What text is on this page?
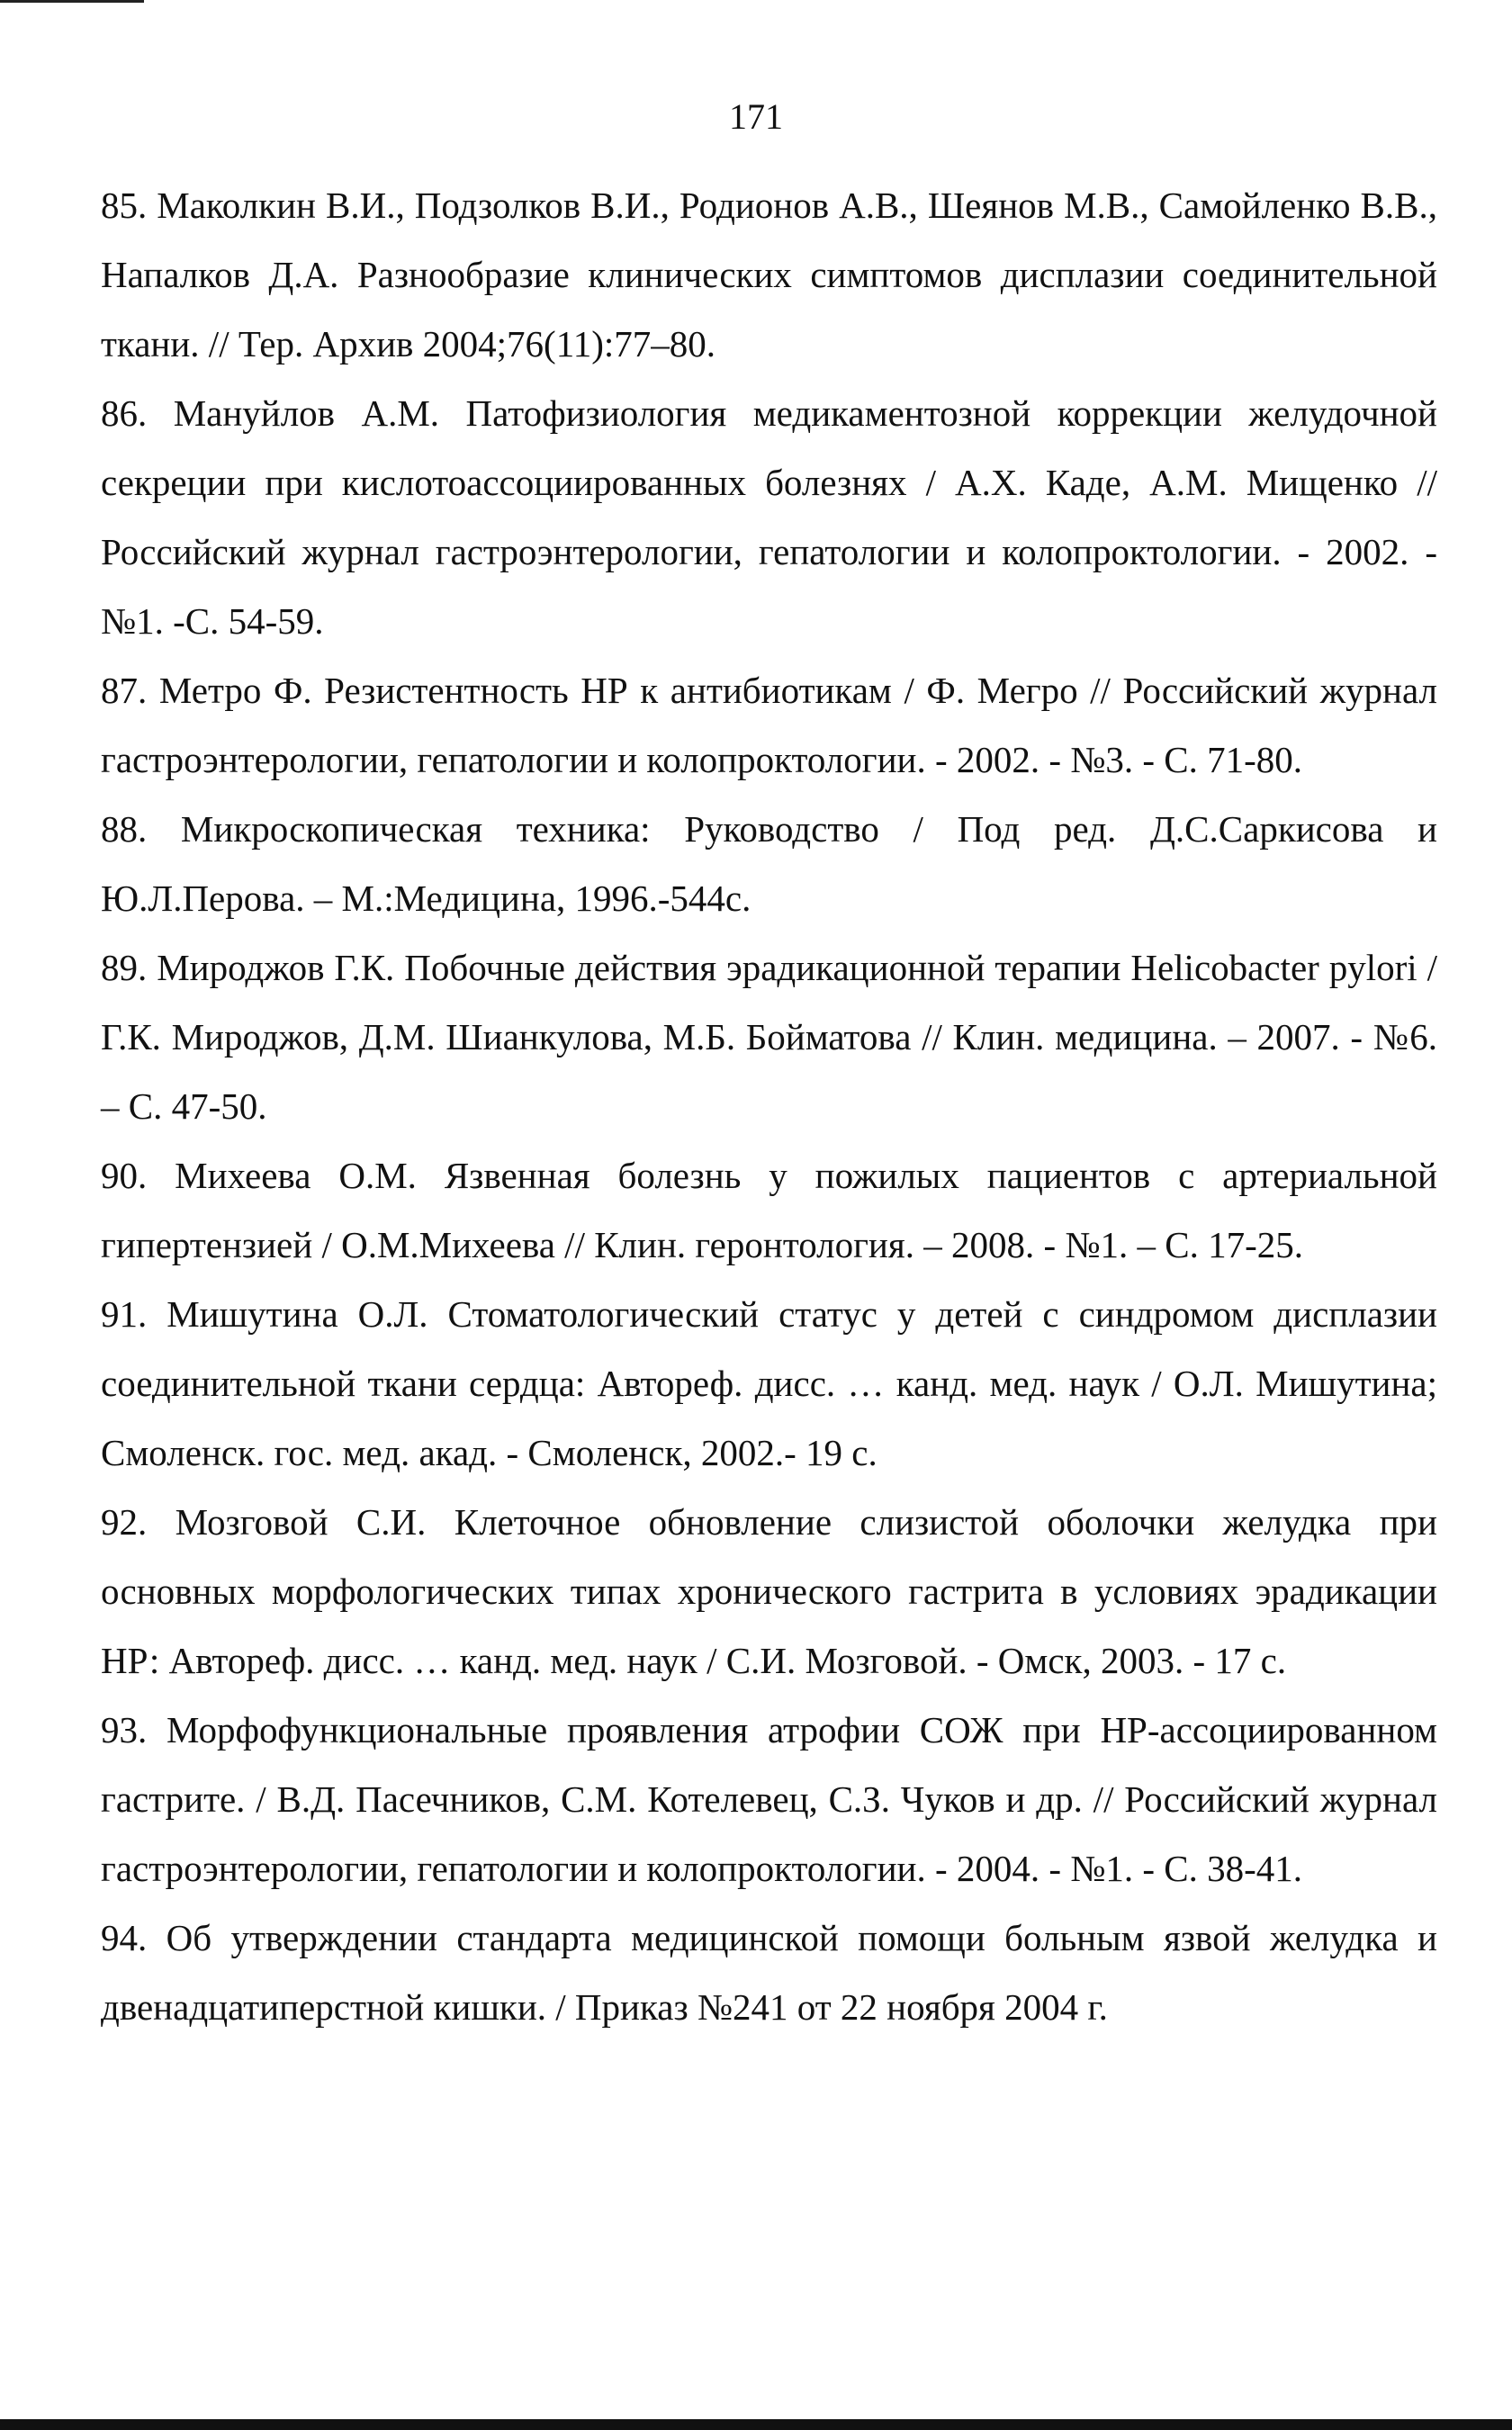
171
85. Маколкин В.И., Подзолков В.И., Родионов А.В., Шеянов М.В., Самойленко В.В., Напалков Д.А. Разнообразие клинических симптомов дисплазии соединительной ткани. // Тер. Архив 2004;76(11):77–80.
86. Мануйлов А.М. Патофизиология медикаментозной коррекции желудочной секреции при кислотоассоциированных болезнях / А.Х. Каде, А.М. Мищенко // Российский журнал гастроэнтерологии, гепатологии и колопроктологии. - 2002. - №1. -С. 54-59.
87. Метро Ф. Резистентность НР к антибиотикам / Ф. Мегро // Российский журнал гастроэнтерологии, гепатологии и колопроктологии. - 2002. - №3. - С. 71-80.
88. Микроскопическая техника: Руководство / Под ред. Д.С.Саркисова и Ю.Л.Перова. – М.:Медицина, 1996.-544с.
89. Мироджов Г.К. Побочные действия эрадикационной терапии Helicobacter pylori / Г.К. Мироджов, Д.М. Шианкулова, М.Б. Бойматова // Клин. медицина. – 2007. - №6. – С. 47-50.
90. Михеева О.М. Язвенная болезнь у пожилых пациентов с артериальной гипертензией / О.М.Михеева // Клин. геронтология. – 2008. - №1. – С. 17-25.
91. Мишутина О.Л. Стоматологический статус у детей с синдромом дисплазии соединительной ткани сердца: Автореф. дисс. … канд. мед. наук / О.Л. Мишутина; Смоленск. гос. мед. акад. - Смоленск, 2002.- 19 с.
92. Мозговой С.И. Клеточное обновление слизистой оболочки желудка при основных морфологических типах хронического гастрита в условиях эрадикации НР: Автореф. дисс. … канд. мед. наук / С.И. Мозговой. - Омск, 2003. - 17 с.
93. Морфофункциональные проявления атрофии СОЖ при НР-ассоциированном гастрите. / В.Д. Пасечников, С.М. Котелевец, С.З. Чуков и др. // Российский журнал гастроэнтерологии, гепатологии и колопроктологии. - 2004. - №1. - С. 38-41.
94. Об утверждении стандарта медицинской помощи больным язвой желудка и двенадцатиперстной кишки. / Приказ №241 от 22 ноября 2004 г.
